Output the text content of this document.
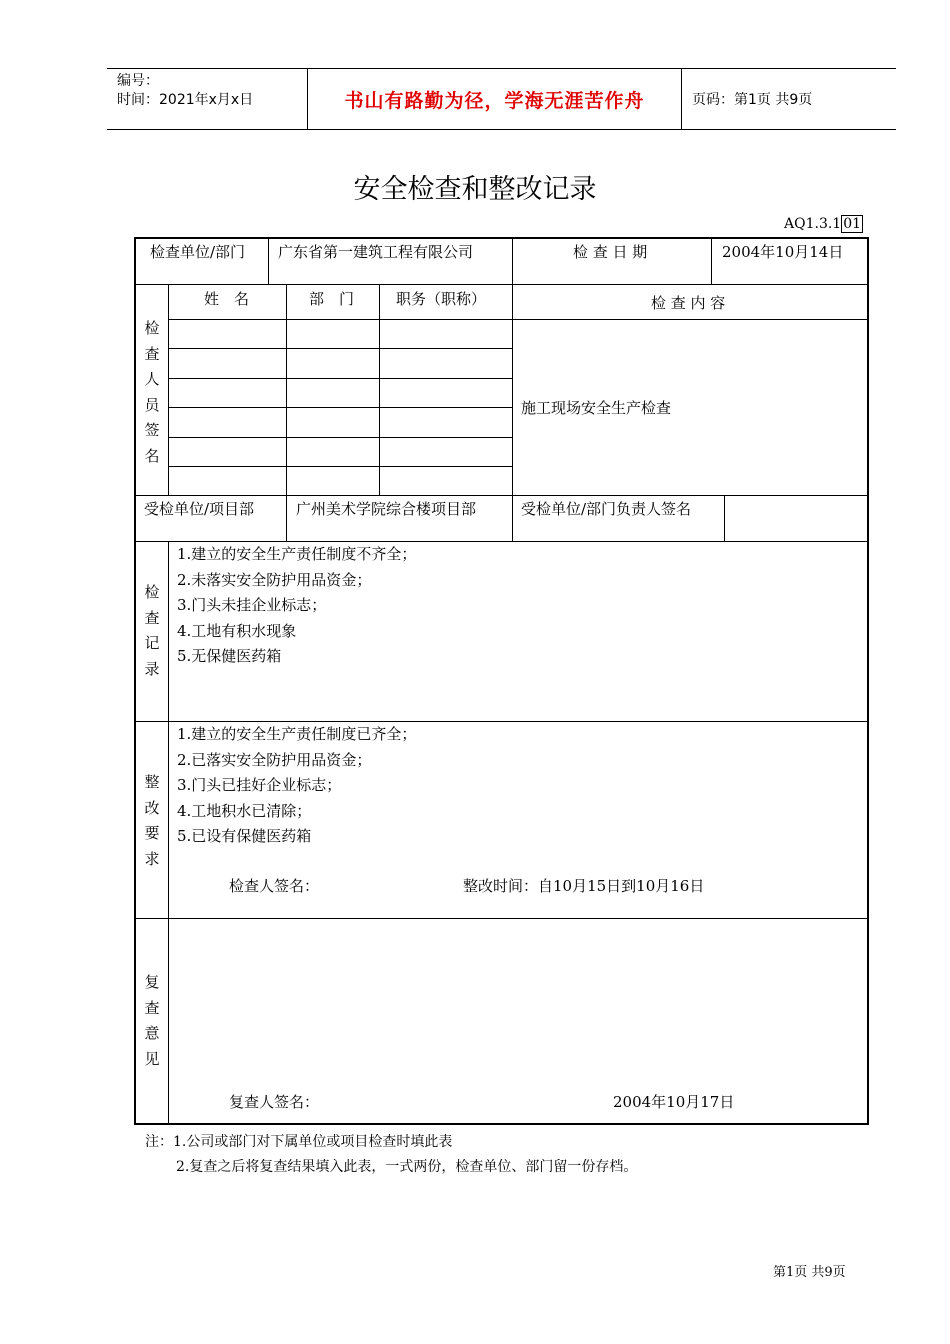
编号：
时间：2021年x月x日	书山有路勤为径，学海无涯苦作舟	页码：第1页 共9页
安全检查和整改记录
AQ1.3.1 01
检查单位/部门 广东省第一建筑工程有限公司	检 查 日 期	2004年10月14日
检查人员签名
姓　名	部　门	职务（职称）	检 查 内 容
施工现场安全生产检查
受检单位/项目部	广州美术学院综合楼项目部	受检单位/部门负责人签名
检查记录
1.建立的安全生产责任制度不齐全；
2.未落实安全防护用品资金；
3.门头未挂企业标志；
4.工地有积水现象
5.无保健医药箱
整改要求
1.建立的安全生产责任制度已齐全；
2.已落实安全防护用品资金；
3.门头已挂好企业标志；
4.工地积水已清除；
5.已设有保健医药箱
检查人签名：	整改时间：自10月15日到10月16日
复查意见
复查人签名：	2004年10月17日
注：1.公司或部门对下属单位或项目检查时填此表
2.复查之后将复查结果填入此表，一式两份，检查单位、部门留一份存档。
第1页 共9页
